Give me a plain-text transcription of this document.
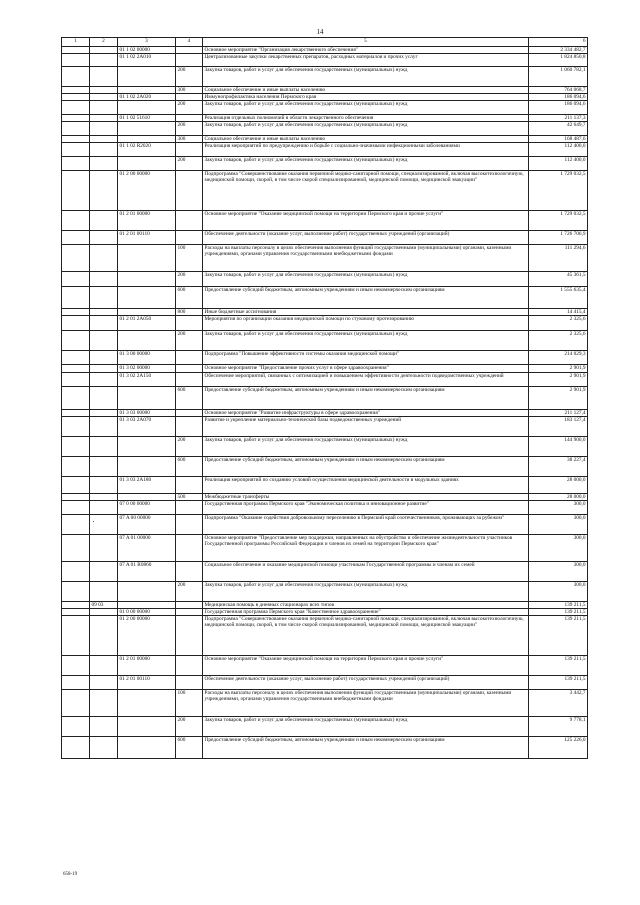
14
1	2	3	4	5	6
		01 1 02 00000		Основное мероприятие "Организация лекарственного обеспечения"	2 334 482,7
		01 1 02 2A010		Централизованные закупки лекарственных препаратов, расходных материалов и прочих услуг	1 824 850,8
			200	Закупка товаров, работ и услуг для обеспечения государственных (муниципальных) нужд	1 060 782,1
			300	Социальное обеспечение и иные выплаты населению	764 068,7
		01 1 02 2A020		Иммунопрофилактика населения Пермского края	186 094,6
			200	Закупка товаров, работ и услуг для обеспечения государственных (муниципальных) нужд	186 094,6
		01 1 02 51610		Реализация отдельных полномочий в области лекарственного обеспечения	211 137,3
			200	Закупка товаров, работ и услуг для обеспечения государственных (муниципальных) нужд	42 649,7
			300	Социальное обеспечение и иные выплаты населению	168 487,6
		01 1 02 R2020		Реализация мероприятий по предупреждению и борьбе с социально-значимыми инфекционными заболеваниями	112 400,0
			200	Закупка товаров, работ и услуг для обеспечения государственных (муниципальных) нужд	112 400,0
		01 2 00 00000		Подпрограмма "Совершенствование оказания первичной медико-санитарной помощи, специализированной, включая высокотехнологичную, медицинской помощи, скорой, в том числе скорой специализированной, медицинской помощи, медицинской эвакуации"	1 729 032,5
		01 2 01 00000		Основное мероприятие "Оказание медицинской помощи на территории Пермского края и прочие услуги"	1 729 032,5
		01 2 01 00110		Обеспечение деятельности (оказание услуг, выполнение работ) государственных учреждений (организаций)	1 726 706,9
			100	Расходы на выплаты персоналу в целях обеспечения выполнения функций государственными (муниципальными) органами, казенными учреждениями, органами управления государственными внебюджетными фондами	111 294,6
			200	Закупка товаров, работ и услуг для обеспечения государственных (муниципальных) нужд	45 361,5
			600	Предоставление субсидий бюджетным, автономным учреждениям и иным некоммерческим организациям	1 555 635,4
			800	Иные бюджетные ассигнования	14 415,4
		01 2 01 2A050		Мероприятия по организации оказания медицинской помощи по стуковому протезированию	2 325,6
			200	Закупка товаров, работ и услуг для обеспечения государственных (муниципальных) нужд	2 325,6
		01 3 00 00000		Подпрограмма "Повышение эффективности системы оказания медицинской помощи"	214 029,3
		01 3 02 00000		Основное мероприятие "Предоставление прочих услуг в сфере здравоохранения"	2 901,9
		01 3 02 2A150		Обеспечение мероприятий, связанных с оптимизацией и повышением эффективности деятельности подведомственных учреждений	2 901,9
			600	Предоставление субсидий бюджетным, автономным учреждениям и иным некоммерческим организациям	2 901,9
		01 3 03 00000		Основное мероприятие "Развитие инфраструктуры в сфере здравоохранения"	211 127,4
		01 3 03 2A070		Развитие и укрепление материально-технической базы подведомственных учреждений	183 127,4
			200	Закупка товаров, работ и услуг для обеспечения государственных (муниципальных) нужд	144 900,0
			600	Предоставление субсидий бюджетным, автономным учреждениям и иным некоммерческим организациям	38 227,4
		01 3 03 2A180		Реализация мероприятий по созданию условий осуществления медицинской деятельности в модульных зданиях	28 000,0
			500	Межбюджетные трансферты	28 000,0
		07 0 00 00000		Государственная программа Пермского края "Экономическая политика и инновационное развитие"	300,0
		07 A 00 00000		Подпрограмма "Оказание содействия добровольному переселению в Пермский край соотечественников, проживающих за рубежом"	300,0
		07 A 01 00000		Основное мероприятие "Предоставление мер поддержки, направленных на обустройство и обеспечение жизнедеятельности участников Государственной программы Российской Федерации и членов их семей на территории Пермского края"	300,0
		07 A 01 R0860		Социальное обеспечение и оказание медицинской помощи участникам Государственной программы и членам их семей	300,0
			200	Закупка товаров, работ и услуг для обеспечения государственных (муниципальных) нужд	300,0
	09 03			Медицинская помощь в дневных стационарах всех типов	139 211,5
		01 0 00 00000		Государственная программа Пермского края "Качественное здравоохранение"	139 211,5
		01 2 00 00000		Подпрограмма "Совершенствование оказания первичной медико-санитарной помощи, специализированной, включая высокотехнологичную, медицинской помощи, скорой, в том числе скорой специализированной, медицинской помощи, медицинской эвакуации"	139 211,5
		01 2 01 00000		Основное мероприятие "Оказание медицинской помощи на территории Пермского края и прочие услуги"	139 211,5
		01 2 01 00110		Обеспечение деятельности (оказание услуг, выполнение работ) государственных учреждений (организаций)	139 211,5
			100	Расходы на выплаты персоналу в целях обеспечения выполнения функций государственными (муниципальными) органами, казенными учреждениями, органами управления государственными внебюджетными фондами	3 442,7
			200	Закупка товаров, работ и услуг для обеспечения государственных (муниципальных) нужд	9 778,1
			600	Предоставление субсидий бюджетным, автономным учреждениям и иным некоммерческим организациям	125 226,0
658-19
